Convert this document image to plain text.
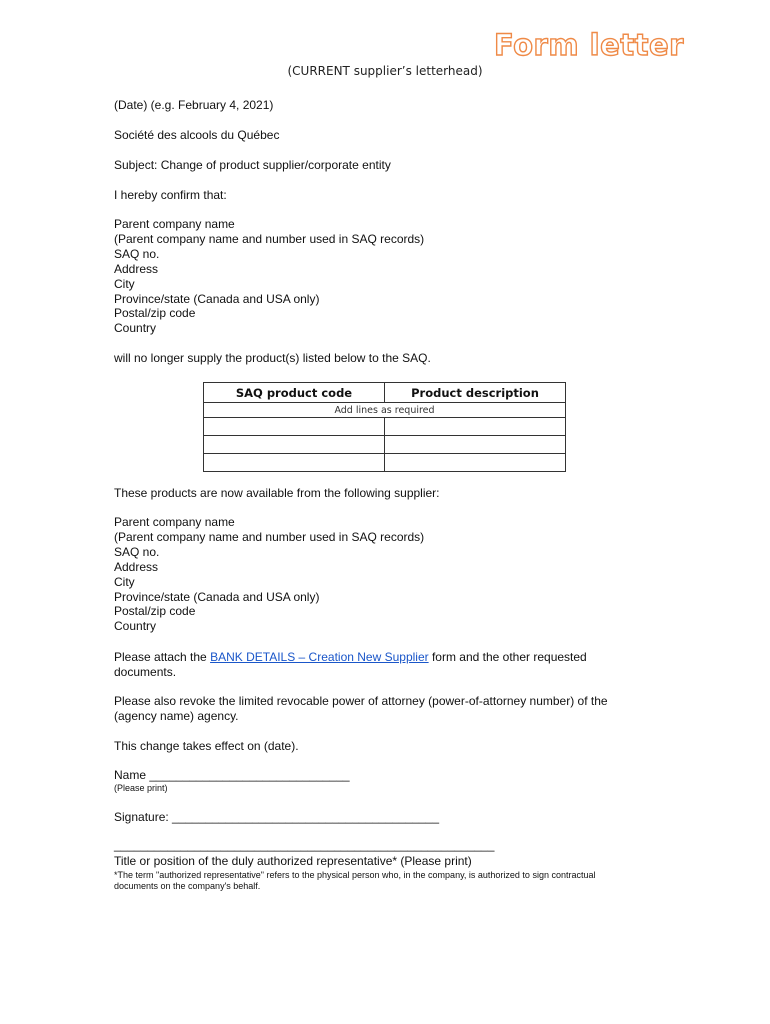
Form letter
(CURRENT supplier’s letterhead)
(Date) (e.g. February 4, 2021)
Société des alcools du Québec
Subject: Change of product supplier/corporate entity
I hereby confirm that:
Parent company name
(Parent company name and number used in SAQ records)
SAQ no.
Address
City
Province/state (Canada and USA only)
Postal/zip code
Country
will no longer supply the product(s) listed below to the SAQ.
SAQ product code	Product description
Add lines as required	

These products are now available from the following supplier:
Parent company name
(Parent company name and number used in SAQ records)
SAQ no.
Address
City
Province/state (Canada and USA only)
Postal/zip code
Country
Please attach the BANK DETAILS – Creation New Supplier form and the other requested
documents.
Please also revoke the limited revocable power of attorney (power-of-attorney number) of the
(agency name) agency.
This change takes effect on (date).
Name ______________________________
(Please print)
Signature: ________________________________________
_________________________________________________________
Title or position of the duly authorized representative* (Please print)
*The term "authorized representative" refers to the physical person who, in the company, is authorized to sign contractual
documents on the company's behalf.
